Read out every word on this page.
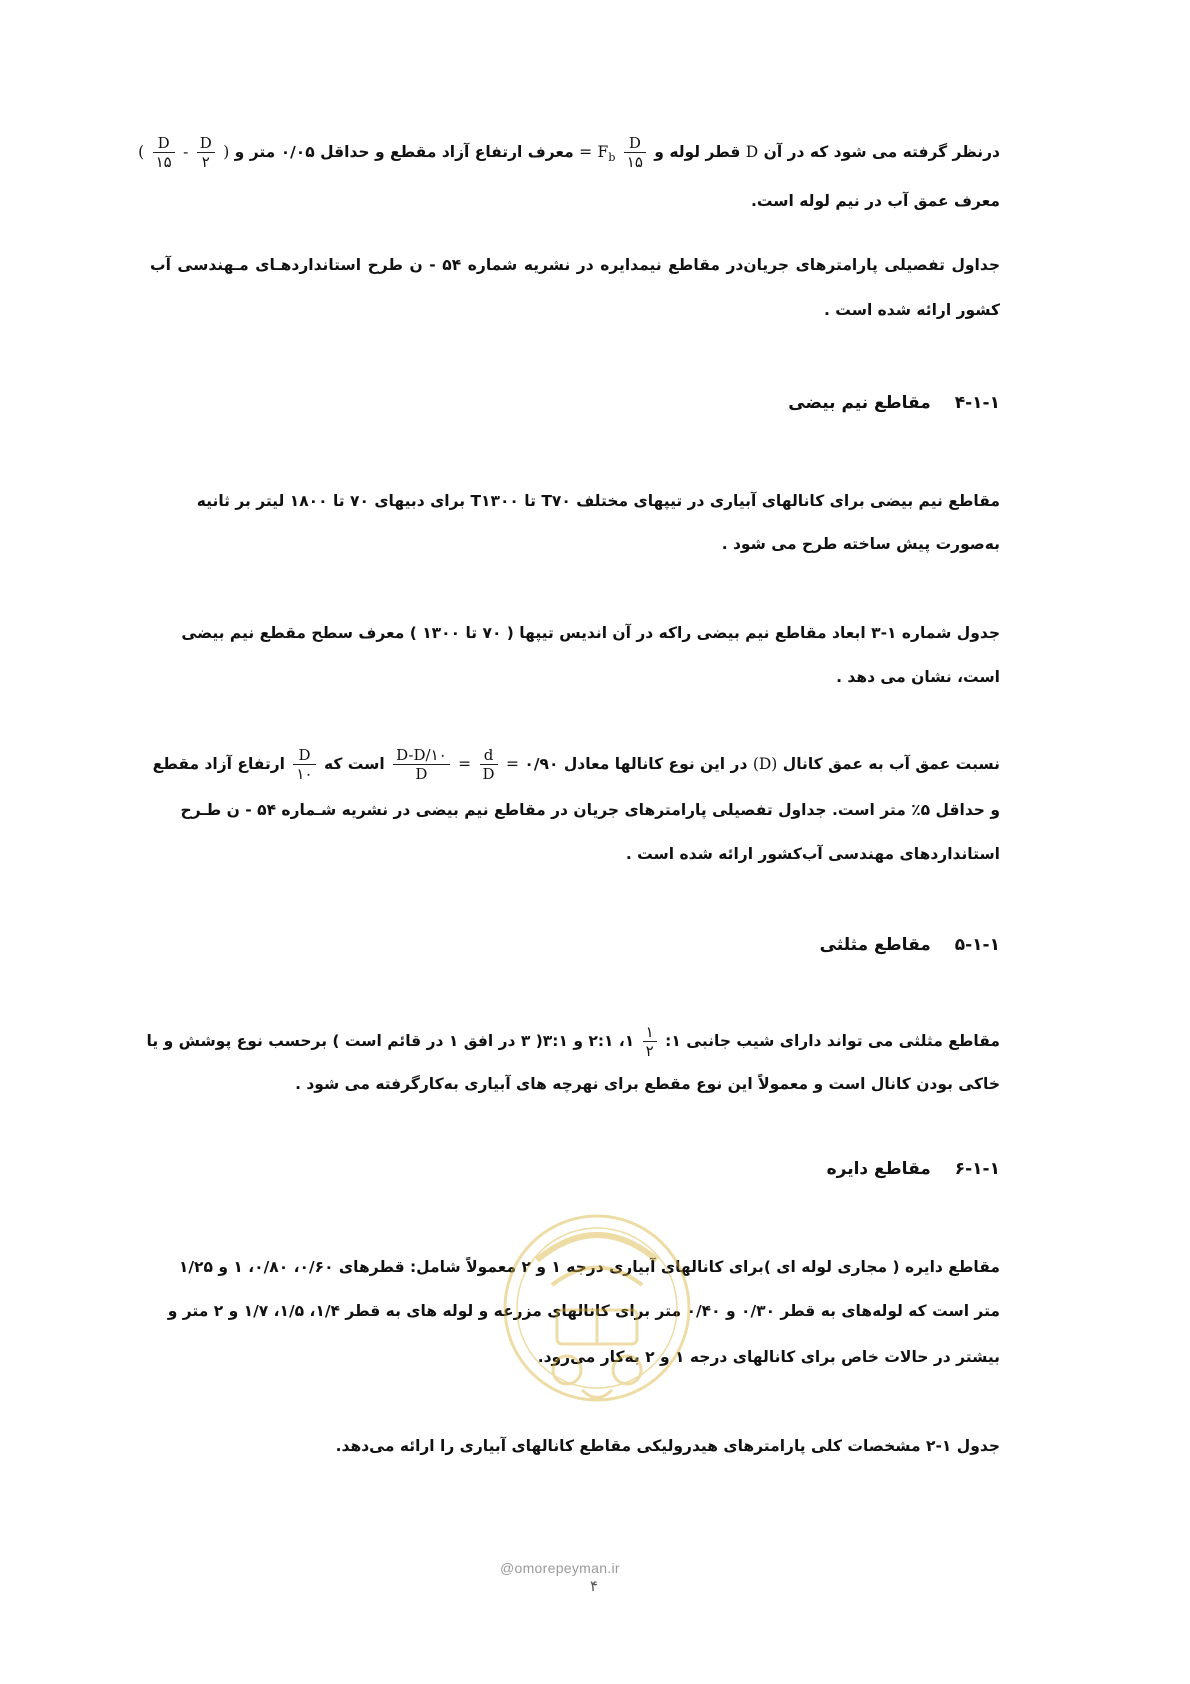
درنظر گرفته می شود که در آن D قطر لوله و
$\frac{D}{۱۵}$
= $F_b$ معرف ارتفاع آزاد مقطع و حداقل ۰/۰۵ متر و ( $\frac{D}{۱۵} - \frac{D}{۲}$ )
معرف عمق آب در نیم لوله است.
جداول تفصیلی پارامترهای جریان‌در مقاطع نیمدایره در نشریه شماره ۵۴ - ن طرح استانداردهـای مـهندسی آب
کشور ارائه شده است .
۴-۱-۱ مقاطع نیم بیضی
مقاطع نیم بیضی برای کانالهای آبیاری در تیپهای مختلف T۷۰ تا T۱۳۰۰ برای دبیهای ۷۰ تا ۱۸۰۰ لیتر بر ثانیه
به‌صورت پیش ساخته طرح می شود .
جدول شماره ۱-۳ ابعاد مقاطع نیم بیضی راکه در آن اندیس تیپها ( ۷۰ تا ۱۳۰۰ ) معرف سطح مقطع نیم بیضی
است، نشان می دهد .
نسبت عمق آب به عمق کانال (D) در این نوع کانالها معادل ۰/۹۰ = $\frac{d}{D}$ =
$\frac{D-D/۱۰}{D}$
است که
$\frac{D}{۱۰}$
ارتفاع آزاد مقطع
و حداقل ۵٪ متر است. جداول تفصیلی پارامترهای جریان در مقاطع نیم بیضی در نشریه شـماره ۵۴ - ن طـرح
استانداردهای مهندسی آب‌کشور ارائه شده است .
۵-۱-۱ مقاطع مثلثی
مقاطع مثلثی می تواند دارای شیب جانبی ۱:
$\frac{۱}{۲}$
۱، ۲:۱ و ۳:۱( ۳ در افق ۱ در قائم است ) برحسب نوع پوشش و یا
خاکی بودن کانال است و معمولاً این نوع مقطع برای نهرچه های آبیاری به‌کارگرفته می شود .
۶-۱-۱ مقاطع دایره
مقاطع دایره ( مجاری لوله ای )برای کانالهای آبیاری درجه ۱ و ۲ معمولاً شامل: قطرهای ۰/۶۰، ۰/۸۰، ۱ و ۱/۲۵
متر است که لوله‌های به قطر ۰/۳۰ و ۰/۴۰ متر برای کانالهای مزرعه و لوله های به قطر ۱/۴، ۱/۵، ۱/۷ و ۲ متر و
بیشتر در حالات خاص برای کانالهای درجه ۱ و ۲ به‌کار می‌رود.
جدول ۱-۲ مشخصات کلی پارامترهای هیدرولیکی مقاطع کانالهای آبیاری را ارائه می‌دهد.
@omorepeyman.ir
۴
